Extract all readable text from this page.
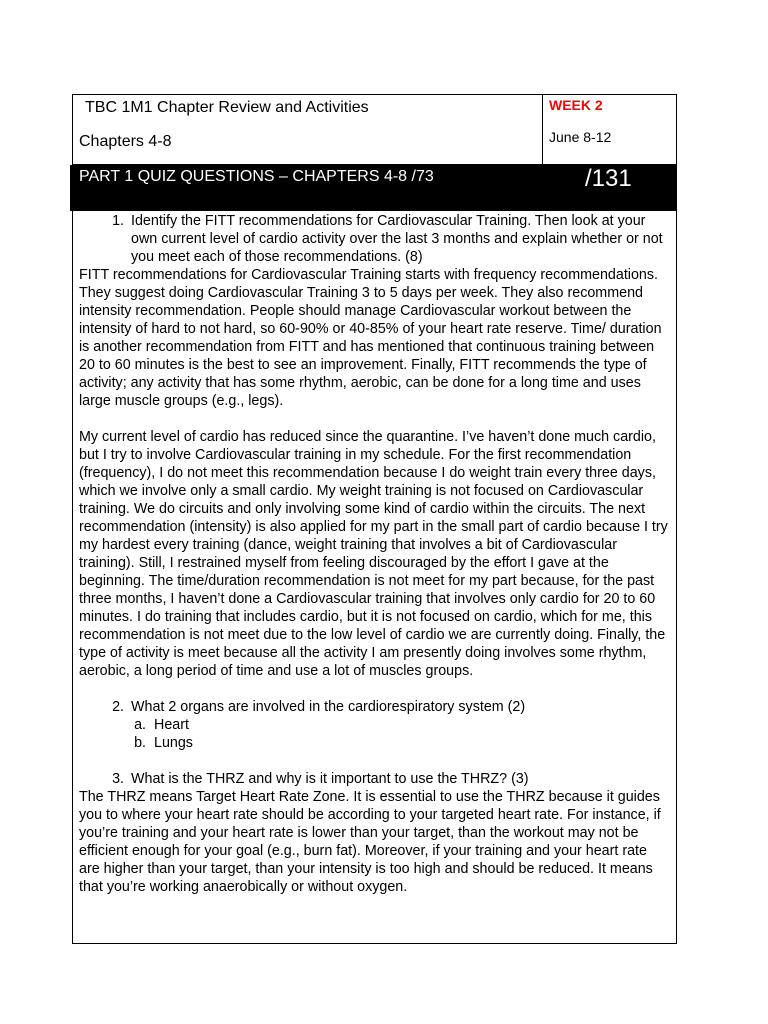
TBC 1M1 Chapter Review and Activities
Chapters 4-8
WEEK 2
June 8-12
PART 1 QUIZ QUESTIONS – CHAPTERS 4-8 /73	/131
1. Identify the FITT recommendations for Cardiovascular Training. Then look at your own current level of cardio activity over the last 3 months and explain whether or not you meet each of those recommendations. (8)

FITT recommendations for Cardiovascular Training starts with frequency recommendations. They suggest doing Cardiovascular Training 3 to 5 days per week. They also recommend intensity recommendation. People should manage Cardiovascular workout between the intensity of hard to not hard, so 60-90% or 40-85% of your heart rate reserve. Time/ duration is another recommendation from FITT and has mentioned that continuous training between 20 to 60 minutes is the best to see an improvement. Finally, FITT recommends the type of activity; any activity that has some rhythm, aerobic, can be done for a long time and uses large muscle groups (e.g., legs).

My current level of cardio has reduced since the quarantine. I’ve haven’t done much cardio, but I try to involve Cardiovascular training in my schedule. For the first recommendation (frequency), I do not meet this recommendation because I do weight train every three days, which we involve only a small cardio. My weight training is not focused on Cardiovascular training. We do circuits and only involving some kind of cardio within the circuits. The next recommendation (intensity) is also applied for my part in the small part of cardio because I try my hardest every training (dance, weight training that involves a bit of Cardiovascular training). Still, I restrained myself from feeling discouraged by the effort I gave at the beginning. The time/duration recommendation is not meet for my part because, for the past three months, I haven’t done a Cardiovascular training that involves only cardio for 20 to 60 minutes. I do training that includes cardio, but it is not focused on cardio, which for me, this recommendation is not meet due to the low level of cardio we are currently doing. Finally, the type of activity is meet because all the activity I am presently doing involves some rhythm, aerobic, a long period of time and use a lot of muscles groups.

2. What 2 organs are involved in the cardiorespiratory system (2)
a. Heart
b. Lungs
3. What is the THRZ and why is it important to use the THRZ? (3)

The THRZ means Target Heart Rate Zone. It is essential to use the THRZ because it guides you to where your heart rate should be according to your targeted heart rate. For instance, if you’re training and your heart rate is lower than your target, than the workout may not be efficient enough for your goal (e.g., burn fat). Moreover, if your training and your heart rate are higher than your target, than your intensity is too high and should be reduced. It means that you’re working anaerobically or without oxygen.
